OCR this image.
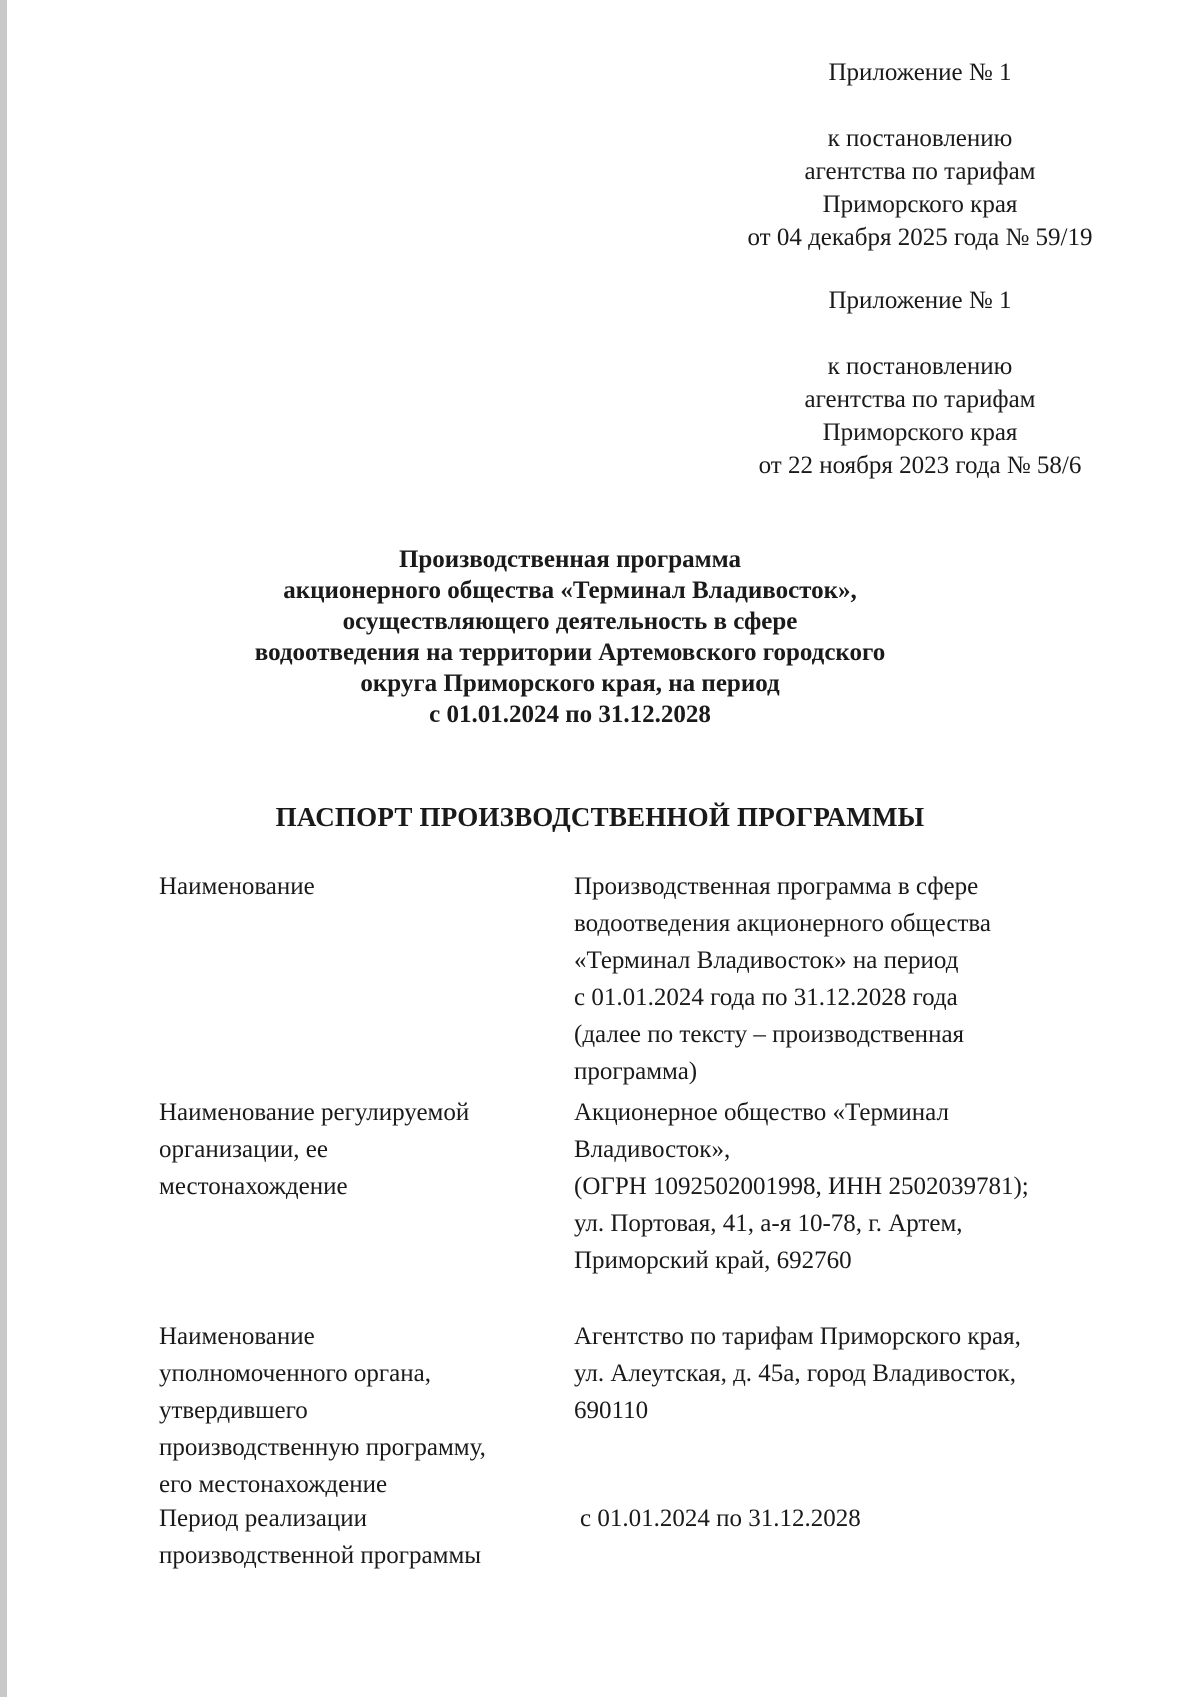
Приложение № 1
к постановлению
агентства по тарифам
Приморского края
от 04 декабря 2025 года № 59/19
Приложение № 1
к постановлению
агентства по тарифам
Приморского края
от 22 ноября 2023 года № 58/6
Производственная программа
акционерного общества «Терминал Владивосток»,
осуществляющего деятельность в сфере
водоотведения на территории Артемовского городского
округа Приморского края, на период
с 01.01.2024 по 31.12.2028
ПАСПОРТ ПРОИЗВОДСТВЕННОЙ ПРОГРАММЫ
Наименование	Производственная программа в сфере
водоотведения акционерного общества
«Терминал Владивосток» на период
с 01.01.2024 года по 31.12.2028 года
(далее по тексту – производственная
программа)
Наименование регулируемой
организации, ее
местонахождение
Акционерное общество «Терминал
Владивосток»,
(ОГРН 1092502001998, ИНН 2502039781);
ул. Портовая, 41, а-я 10-78, г. Артем,
Приморский край, 692760
Наименование
уполномоченного органа,
утвердившего
производственную программу,
его местонахождение
Агентство по тарифам Приморского края,
ул. Алеутская, д. 45а, город Владивосток,
690110
Период реализации
производственной программы
с 01.01.2024 по 31.12.2028
